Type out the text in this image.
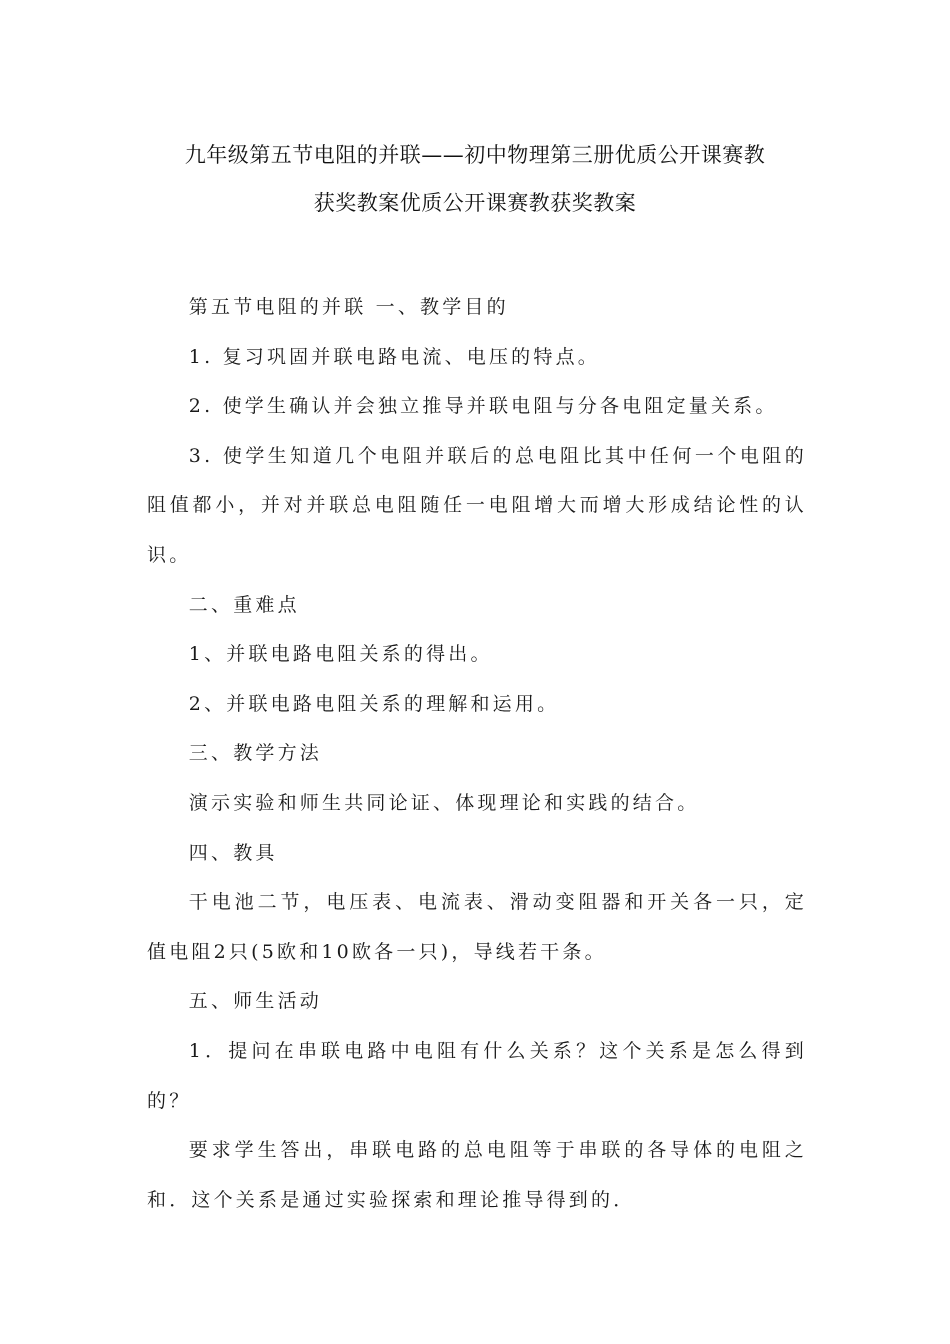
九年级第五节电阻的并联——初中物理第三册优质公开课赛教
获奖教案优质公开课赛教获奖教案

第五节电阻的并联 一、教学目的

1. 复习巩固并联电路电流、电压的特点。

2. 使学生确认并会独立推导并联电阻与分各电阻定量关系。

3. 使学生知道几个电阻并联后的总电阻比其中任何一个电阻的阻值都小，并对并联总电阻随任一电阻增大而增大形成结论性的认识。

二、重难点

1、并联电路电阻关系的得出。

2、并联电路电阻关系的理解和运用。

三、教学方法

演示实验和师生共同论证、体现理论和实践的结合。

四、教具

干电池二节，电压表、电流表、滑动变阻器和开关各一只，定值电阻2只(5欧和10欧各一只)，导线若干条。

五、师生活动

1．提问在串联电路中电阻有什么关系？这个关系是怎么得到的？

要求学生答出，串联电路的总电阻等于串联的各导体的电阻之和．这个关系是通过实验探索和理论推导得到的．
